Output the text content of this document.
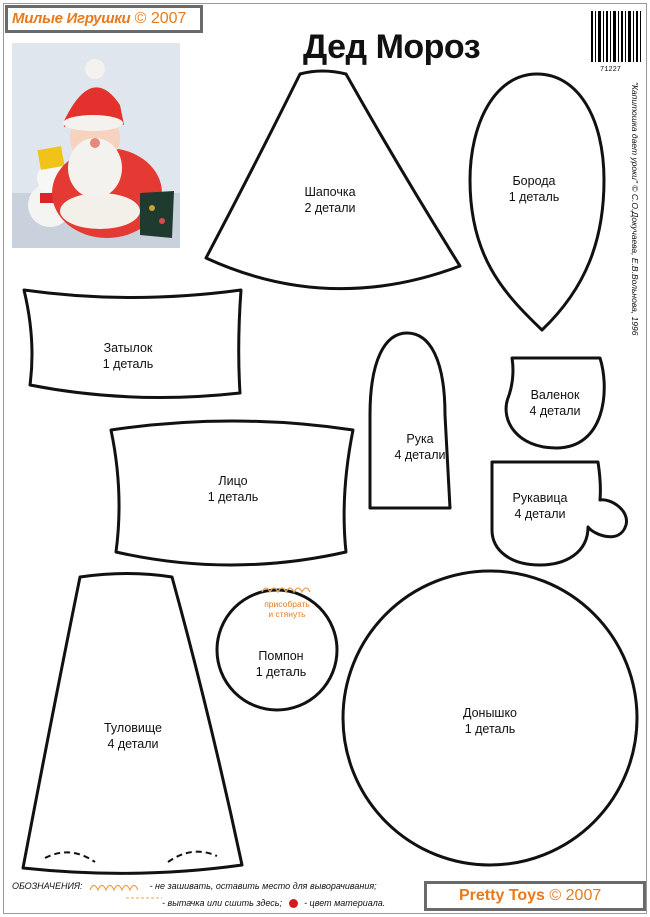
Милые Игрушки © 2007
Дед Мороз
71227
"Капитошка дает уроки" © С.О.Докучаева, Е.В.Вольнова, 1996
Шапочка
2 детали
Борода
1 деталь
Затылок
1 деталь
Рука
4 детали
Валенок
4 детали
Лицо
1 деталь	Рукавица
4 детали
присобрать
и стянуть
Помпон
1 деталь
Туловище
4 детали
Донышко
1 деталь
ОБОЗНАЧЕНИЯ:	- не зашивать, оставить место для выворачивания;
- вытачка или сшить здесь; - цвет материала.	Pretty Toys © 2007
